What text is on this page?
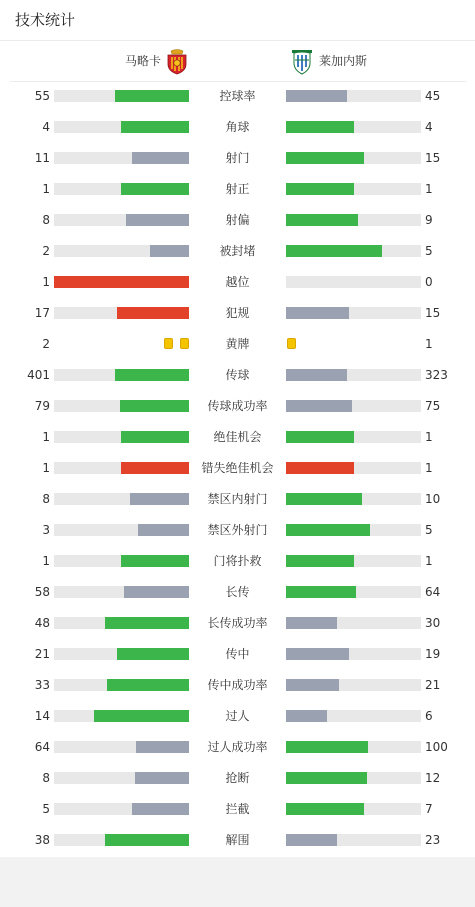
技术统计
马略卡	莱加内斯
55	控球率	45
4	角球	4
11	射门	15
1	射正	1
8	射偏	9
2	被封堵	5
1	越位	0
17	犯规	15
2	黄牌	1
401	传球	323
79	传球成功率	75
1	绝佳机会	1
1	错失绝佳机会	1
8	禁区内射门	10
3	禁区外射门	5
1	门将扑救	1
58	长传	64
48	长传成功率	30
21	传中	19
33	传中成功率	21
14	过人	6
64	过人成功率	100
8	抢断	12
5	拦截	7
38	解围	23
